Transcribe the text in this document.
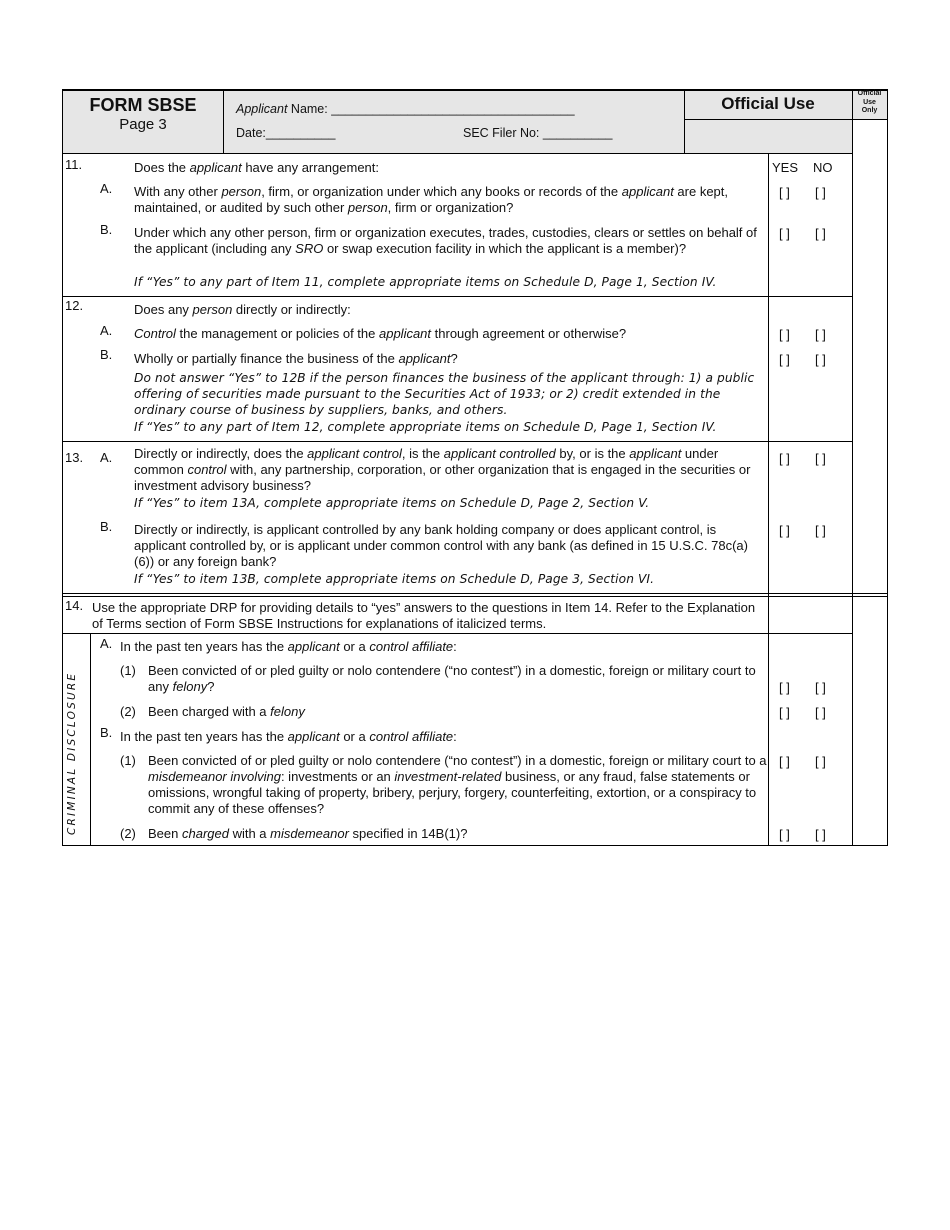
FORM SBSE
Page 3
Applicant Name: ___________________________________
Date:__________	SEC Filer No: __________
Official Use
Official
Use
Only
YES NO
11.	Does the applicant have any arrangement:
A. With any other person, firm, or organization under which any books or records of the applicant are kept, maintained, or audited by such other person, firm or organization?
[ ] [ ]
B. Under which any other person, firm or organization executes, trades, custodies, clears or settles on behalf of the applicant (including any SRO or swap execution facility in which the applicant is a member)?
[ ] [ ]
If “Yes” to any part of Item 11, complete appropriate items on Schedule D, Page 1, Section IV.
12.	Does any person directly or indirectly:
A. Control the management or policies of the applicant through agreement or otherwise?	[ ] [ ]
B. Wholly or partially finance the business of the applicant?	[ ] [ ]
Do not answer “Yes” to 12B if the person finances the business of the applicant through: 1) a public offering of securities made pursuant to the Securities Act of 1933; or 2) credit extended in the ordinary course of business by suppliers, banks, and others.
If “Yes” to any part of Item 12, complete appropriate items on Schedule D, Page 1, Section IV.
13. A. Directly or indirectly, does the applicant control, is the applicant controlled by, or is the applicant under common control with, any partnership, corporation, or other organization that is engaged in the securities or investment advisory business?
[ ] [ ]
If “Yes” to item 13A, complete appropriate items on Schedule D, Page 2, Section V.
B. Directly or indirectly, is applicant controlled by any bank holding company or does applicant control, is applicant controlled by, or is applicant under common control with any bank (as defined in 15 U.S.C. 78c(a)(6)) or any foreign bank?
[ ] [ ]
If “Yes” to item 13B, complete appropriate items on Schedule D, Page 3, Section VI.
14. Use the appropriate DRP for providing details to “yes” answers to the questions in Item 14. Refer to the Explanation of Terms section of Form SBSE Instructions for explanations of italicized terms.
CRIMINAL DISCLOSURE
A. In the past ten years has the applicant or a control affiliate:
(1) Been convicted of or pled guilty or nolo contendere (“no contest”) in a domestic, foreign or military court to any felony?	[ ] [ ]
(2) Been charged with a felony	[ ] [ ]
B. In the past ten years has the applicant or a control affiliate:
(1) Been convicted of or pled guilty or nolo contendere (“no contest”) in a domestic, foreign or military court to a misdemeanor involving: investments or an investment-related business, or any fraud, false statements or omissions, wrongful taking of property, bribery, perjury, forgery, counterfeiting, extortion, or a conspiracy to commit any of these offenses?
[ ] [ ]
(2) Been charged with a misdemeanor specified in 14B(1)?	[ ] [ ]
